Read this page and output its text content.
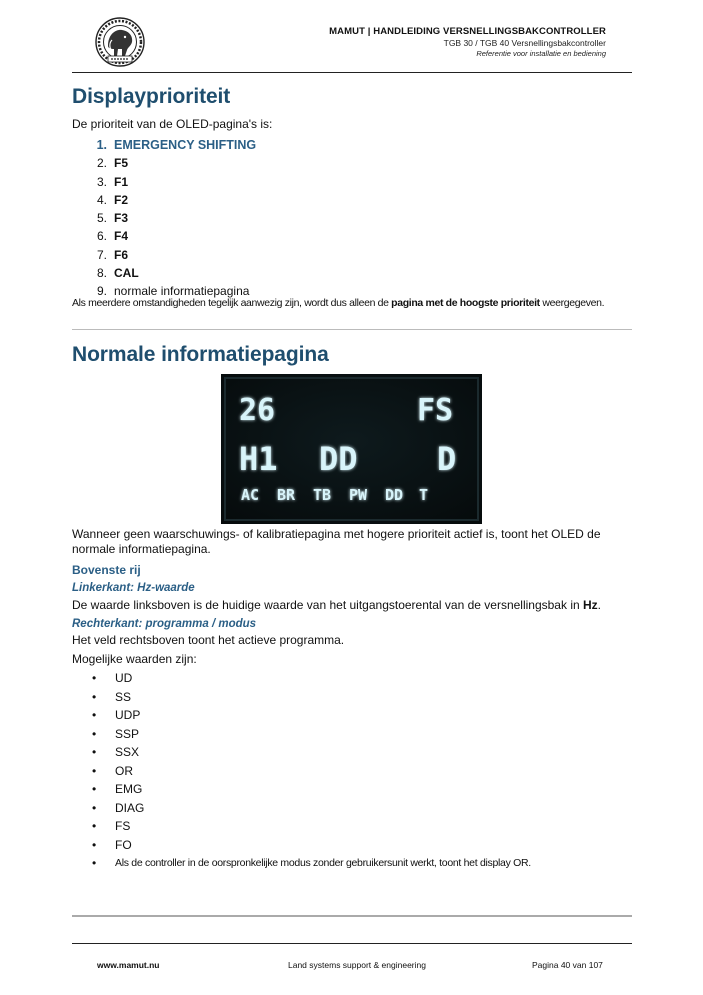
MAMUT | HANDLEIDING VERSNELLINGSBAKCONTROLLER
TGB 30 / TGB 40 Versnellingsbakcontroller
Referentie voor installatie en bediening
Displayprioriteit

De prioriteit van de OLED-pagina's is:

1. EMERGENCY SHIFTING
2. F5
3. F1
4. F2
5. F3
6. F4
7. F6
8. CAL
9. normale informatiepagina
Als meerdere omstandigheden tegelijk aanwezig zijn, wordt dus alleen de pagina met de hoogste prioriteit weergegeven.
Normale informatiepagina
26	FS
H1 DD D
AC BR TB PW DD T

Wanneer geen waarschuwings- of kalibratiepagina met hogere prioriteit actief is, toont het OLED de

normale informatiepagina.

Bovenste rij
Linkerkant: Hz-waarde

De waarde linksboven is de huidige waarde van het uitgangstoerental van de versnellingsbak in Hz.

Rechterkant: programma / modus

Het veld rechtsboven toont het actieve programma.

Mogelijke waarden zijn:

• UD
• SS
• UDP
• SSP
• SSX
• OR
• EMG
• DIAG
• FS
• FO
• Als de controller in de oorspronkelijke modus zonder gebruikersunit werkt, toont het display OR.
www.mamut.nu	Land systems support & engineering	Pagina 40 van 107
